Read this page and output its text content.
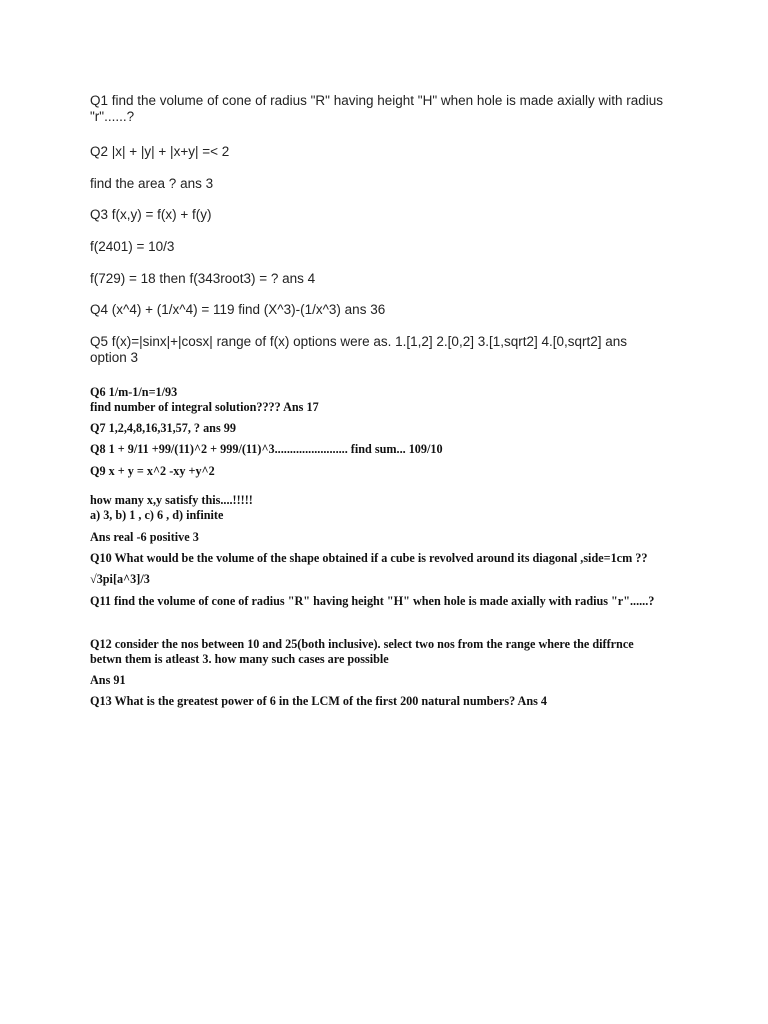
Q1 find the volume of cone of radius "R" having height "H" when hole is made axially with radius "r"......?

Q2 |x| + |y| + |x+y| =< 2

find the area ? ans 3

Q3 f(x,y) = f(x) + f(y)

f(2401) = 10/3

f(729) = 18 then f(343root3) = ? ans 4

Q4 (x^4) + (1/x^4) = 119 find (X^3)-(1/x^3) ans 36

Q5 f(x)=|sinx|+|cosx| range of f(x) options were as. 1.[1,2] 2.[0,2] 3.[1,sqrt2] 4.[0,sqrt2] ans option 3

Q6 1/m-1/n=1/93
find number of integral solution???? Ans 17

Q7 1,2,4,8,16,31,57, ? ans 99

Q8 1 + 9/11 +99/(11)^2 + 999/(11)^3........................ find sum... 109/10

Q9 x + y = x^2 -xy +y^2

how many x,y satisfy this....!!!!!
a) 3, b) 1 , c) 6 , d) infinite

Ans real -6 positive 3

Q10 What would be the volume of the shape obtained if a cube is revolved around its diagonal ,side=1cm ??

√3pi[a^3]/3

Q11 find the volume of cone of radius "R" having height "H" when hole is made axially with radius "r"......?

Q12 consider the nos between 10 and 25(both inclusive). select two nos from the range where the diffrnce
betwn them is atleast 3. how many such cases are possible

Ans 91

Q13 What is the greatest power of 6 in the LCM of the first 200 natural numbers? Ans 4
